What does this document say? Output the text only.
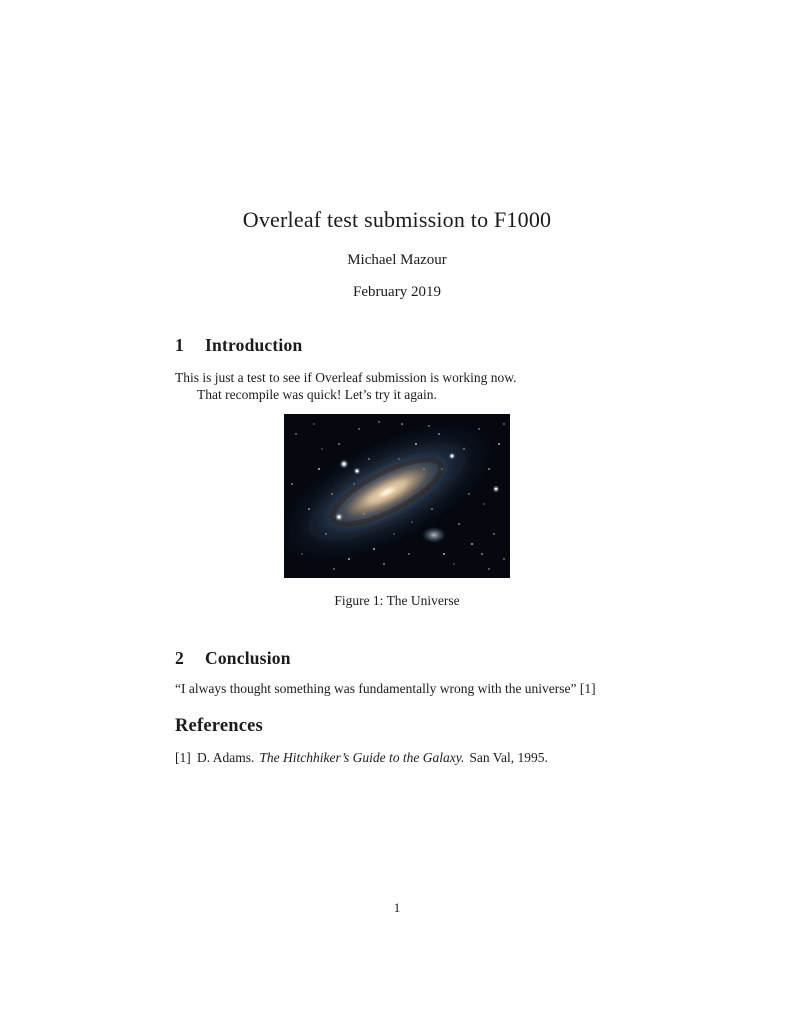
Overleaf test submission to F1000
Michael Mazour
February 2019
1 Introduction
This is just a test to see if Overleaf submission is working now.
That recompile was quick! Let’s try it again.
Figure 1: The Universe
2 Conclusion
“I always thought something was fundamentally wrong with the universe” [1]
References
[1] D. Adams. The Hitchhiker’s Guide to the Galaxy. San Val, 1995.
1
